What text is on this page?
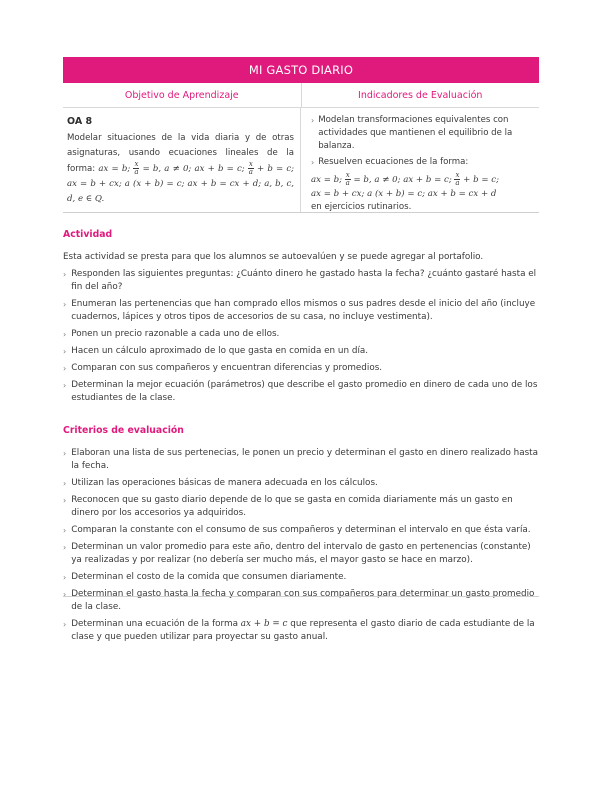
MI GASTO DIARIO
Objetivo de Aprendizaje	Indicadores de Evaluación
OA 8
Modelar situaciones de la vida diaria y de otras asignaturas, usando ecuaciones lineales de la forma: ax = b; $\frac{x}{a} = b$, a ≠ 0; ax + b = c; $\frac{x}{a} + b = c$; ax = b + cx; a (x + b) = c; ax + b = cx + d; a, b, c, d, e ∈ Q.
› Modelan transformaciones equivalentes con actividades que mantienen el equilibrio de la balanza.
› Resuelven ecuaciones de la forma:
ax = b; $\frac{x}{a} = b$, a ≠ 0; ax + b = c; $\frac{x}{a} + b = c$;
ax = b + cx; a (x + b) = c; ax + b = cx + d
en ejercicios rutinarios.
Actividad
Esta actividad se presta para que los alumnos se autoevalúen y se puede agregar al portafolio.
› Responden las siguientes preguntas: ¿Cuánto dinero he gastado hasta la fecha? ¿cuánto gastaré hasta el fin del año?
› Enumeran las pertenencias que han comprado ellos mismos o sus padres desde el inicio del año (incluye cuadernos, lápices y otros tipos de accesorios de su casa, no incluye vestimenta).
› Ponen un precio razonable a cada uno de ellos.
› Hacen un cálculo aproximado de lo que gasta en comida en un día.
› Comparan con sus compañeros y encuentran diferencias y promedios.
› Determinan la mejor ecuación (parámetros) que describe el gasto promedio en dinero de cada uno de los estudiantes de la clase.
Criterios de evaluación
› Elaboran una lista de sus pertenecias, le ponen un precio y determinan el gasto en dinero realizado hasta la fecha.
› Utilizan las operaciones básicas de manera adecuada en los cálculos.
› Reconocen que su gasto diario depende de lo que se gasta en comida diariamente más un gasto en dinero por los accesorios ya adquiridos.
› Comparan la constante con el consumo de sus compañeros y determinan el intervalo en que ésta varía.
› Determinan un valor promedio para este año, dentro del intervalo de gasto en pertenencias (constante) ya realizadas y por realizar (no debería ser mucho más, el mayor gasto se hace en marzo).
› Determinan el costo de la comida que consumen diariamente.
› Determinan el gasto hasta la fecha y comparan con sus compañeros para determinar un gasto promedio de la clase.
› Determinan una ecuación de la forma ax + b = c que representa el gasto diario de cada estudiante de la clase y que pueden utilizar para proyectar su gasto anual.
